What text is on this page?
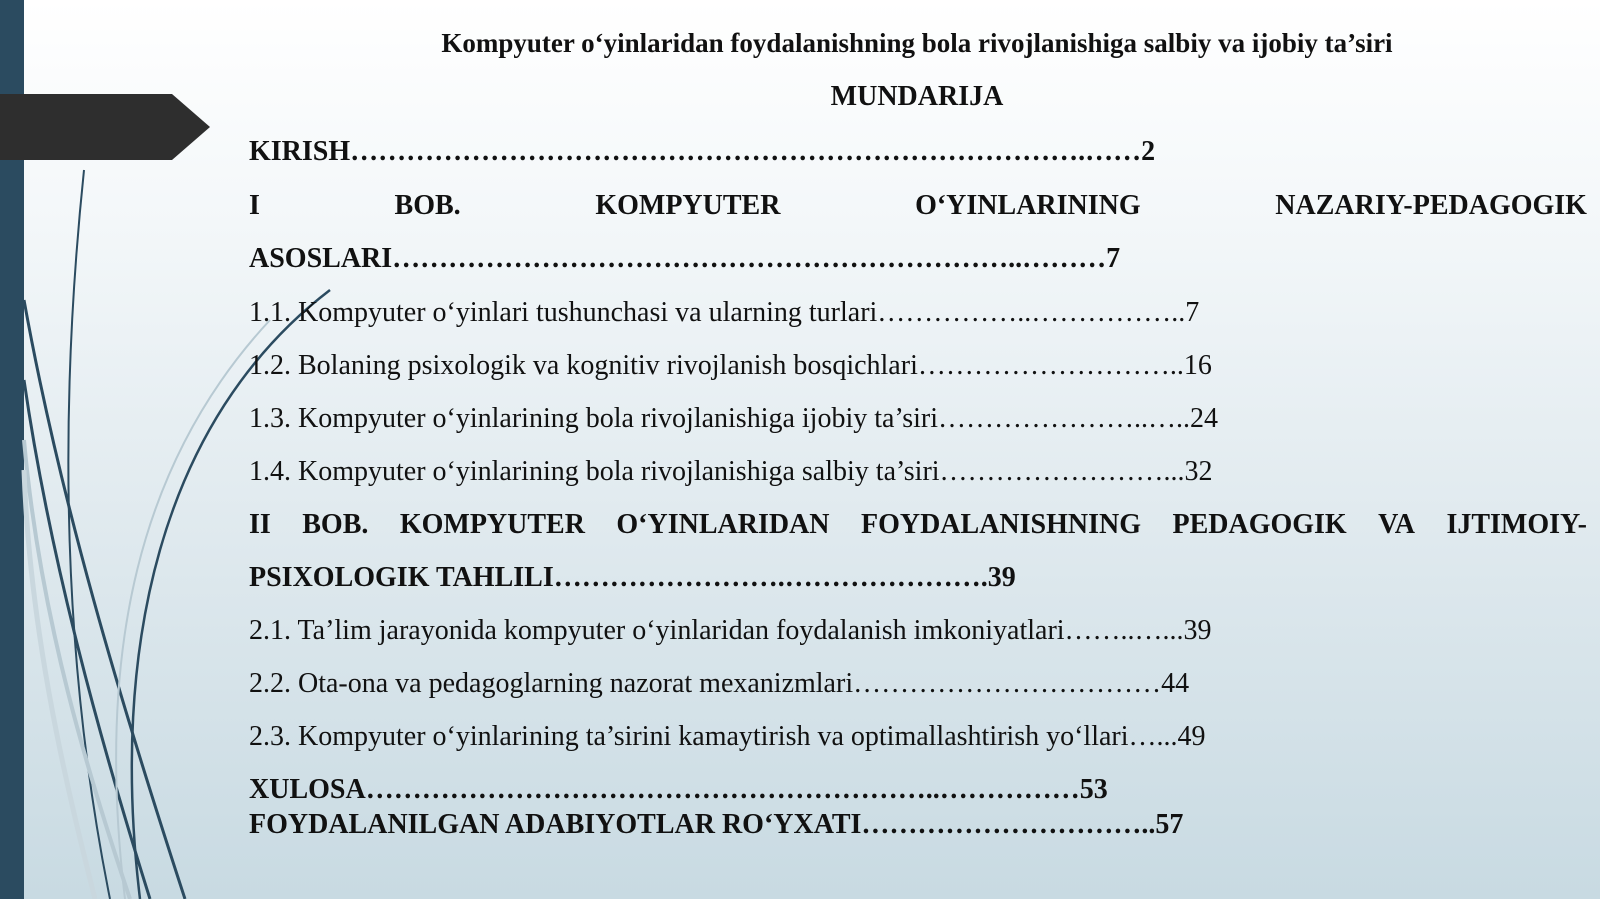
Kompyuter o‘yinlaridan foydalanishning bola rivojlanishiga salbiy va ijobiy ta’siri
MUNDARIJA
KIRISH…………………………………………………………………….……2
I	BOB.	KOMPYUTER	O‘YINLARINING	NAZARIY-PEDAGOGIK
ASOSLARI…………………………………………………………..………7
1.1. Kompyuter o‘yinlari tushunchasi va ularning turlari……………..……………..7
1.2. Bolaning psixologik va kognitiv rivojlanish bosqichlari………………………..16
1.3. Kompyuter o‘yinlarining bola rivojlanishiga ijobiy ta’siri…………………..…..24
1.4. Kompyuter o‘yinlarining bola rivojlanishiga salbiy ta’siri……………………...32
II BOB. KOMPYUTER O‘YINLARIDAN FOYDALANISHNING PEDAGOGIK VA IJTIMOIY-
PSIXOLOGIK TAHLILI…………………….………………….39
2.1. Ta’lim jarayonida kompyuter o‘yinlaridan foydalanish imkoniyatlari……..…...39
2.2. Ota-ona va pedagoglarning nazorat mexanizmlari……………………………44
2.3. Kompyuter o‘yinlarining ta’sirini kamaytirish va optimallashtirish yo‘llari…...49
XULOSA……………………………………………………..……………53
FOYDALANILGAN ADABIYOTLAR RO‘YXATI…………………………..57
